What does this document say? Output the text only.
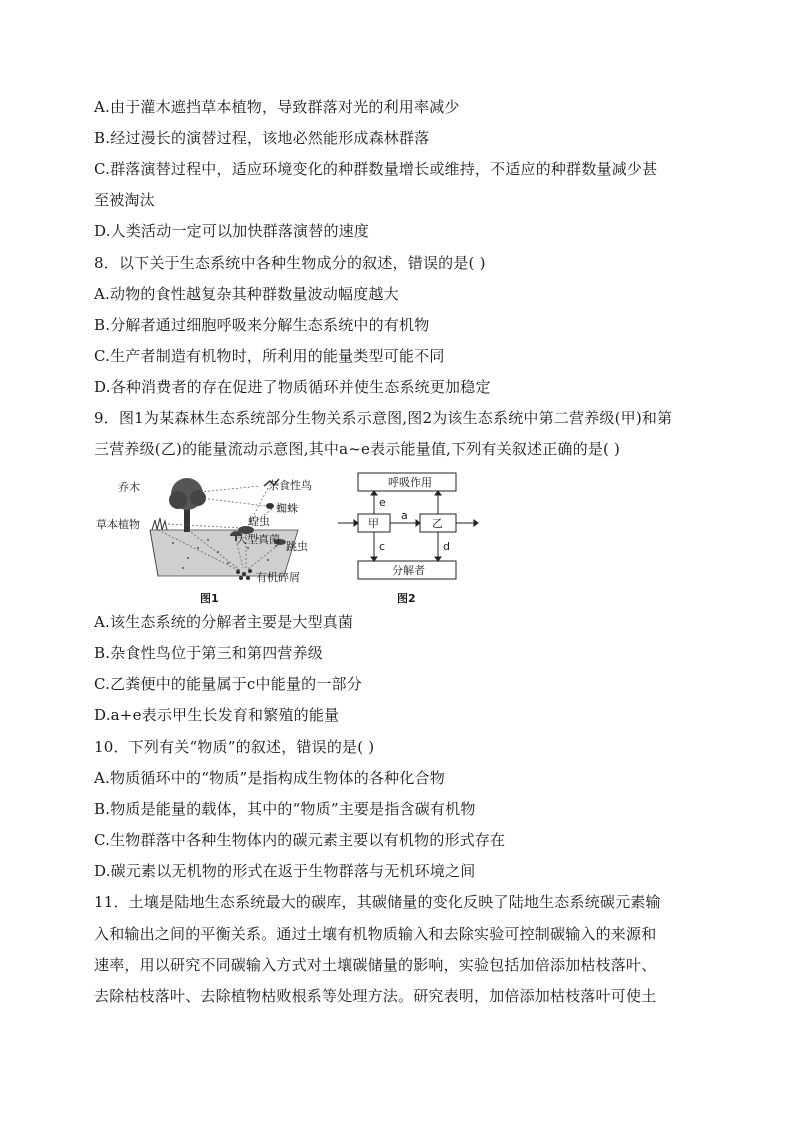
A.由于灌木遮挡草本植物，导致群落对光的利用率减少
B.经过漫长的演替过程，该地必然能形成森林群落
C.群落演替过程中，适应环境变化的种群数量增长或维持，不适应的种群数量减少甚
至被淘汰
D.人类活动一定可以加快群落演替的速度
8．以下关于生态系统中各种生物成分的叙述，错误的是( )
A.动物的食性越复杂其种群数量波动幅度越大
B.分解者通过细胞呼吸来分解生态系统中的有机物
C.生产者制造有机物时，所利用的能量类型可能不同
D.各种消费者的存在促进了物质循环并使生态系统更加稳定
9．图1为某森林生态系统部分生物关系示意图,图2为该生态系统中第二营养级(甲)和第
三营养级(乙)的能量流动示意图,其中a~e表示能量值,下列有关叙述正确的是( )
乔木	杂食性鸟
蜘蛛
草本植物	蝗虫
大型真菌
跳虫
有机碎屑
图1
呼吸作用
甲	乙
分解者
a
e
c	d
图2
A.该生态系统的分解者主要是大型真菌
B.杂食性鸟位于第三和第四营养级
C.乙粪便中的能量属于c中能量的一部分
D.a+e表示甲生长发育和繁殖的能量
10．下列有关“物质”的叙述，错误的是( )
A.物质循环中的“物质”是指构成生物体的各种化合物
B.物质是能量的载体，其中的“物质”主要是指含碳有机物
C.生物群落中各种生物体内的碳元素主要以有机物的形式存在
D.碳元素以无机物的形式在返于生物群落与无机环境之间
11．土壤是陆地生态系统最大的碳库，其碳储量的变化反映了陆地生态系统碳元素输
入和输出之间的平衡关系。通过土壤有机物质输入和去除实验可控制碳输入的来源和
速率，用以研究不同碳输入方式对土壤碳储量的影响，实验包括加倍添加枯枝落叶、
去除枯枝落叶、去除植物枯败根系等处理方法。研究表明，加倍添加枯枝落叶可使土
